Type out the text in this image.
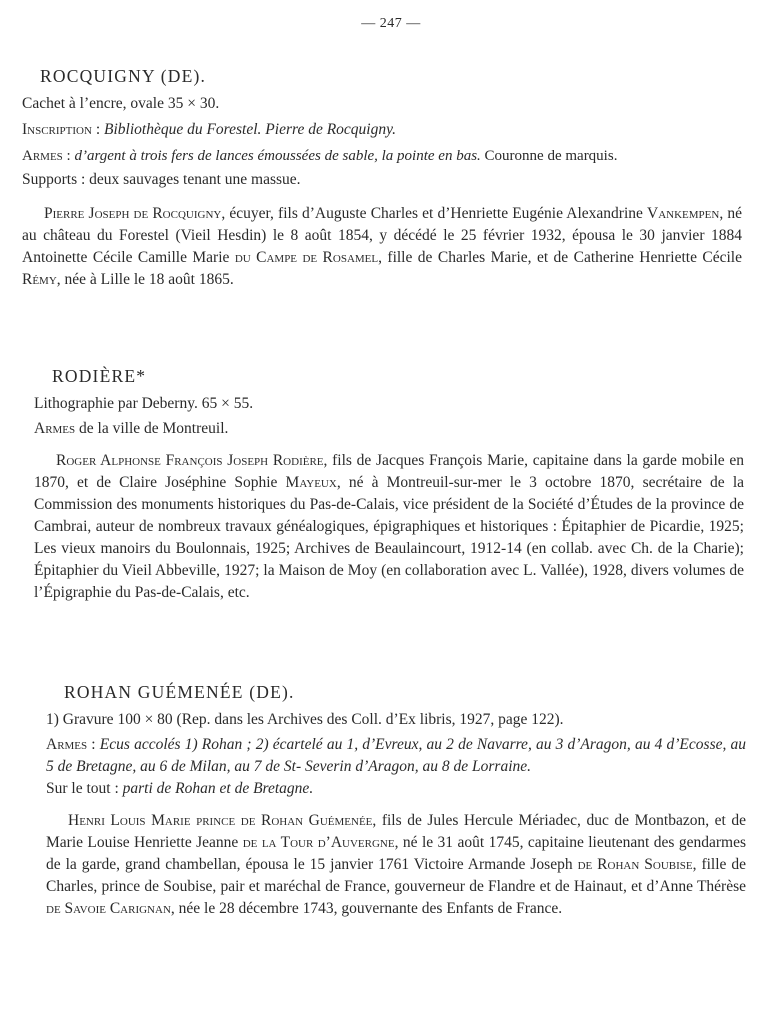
— 247 —
ROCQUIGNY (DE).

Cachet à l’encre, ovale 35 × 30.

Inscription : Bibliothèque du Forestel. Pierre de Rocquigny.

Armes : d’argent à trois fers de lances émoussées de sable, la pointe en bas. Couronne de marquis.

Supports : deux sauvages tenant une massue.

Pierre Joseph de Rocquigny, écuyer, fils d’Auguste Charles et d’Henriette Eugénie Alexandrine Vankempen, né au château du Forestel (Vieil Hesdin) le 8 août 1854, y décédé le 25 février 1932, épousa le 30 janvier 1884 Antoinette Cécile Camille Marie du Campe de Rosamel, fille de Charles Marie, et de Catherine Henriette Cécile Rémy, née à Lille le 18 août 1865.

RODIÈRE*

Lithographie par Deberny. 65 × 55.

Armes de la ville de Montreuil.

Roger Alphonse François Joseph Rodière, fils de Jacques François Marie, capitaine dans la garde mobile en 1870, et de Claire Joséphine Sophie Mayeux, né à Montreuil-sur-mer le 3 octobre 1870, secrétaire de la Commission des monuments historiques du Pas-de-Calais, vice président de la Société d’Études de la province de Cambrai, auteur de nombreux travaux généalogiques, épigraphiques et historiques : Épitaphier de Picardie, 1925; Les vieux manoirs du Boulonnais, 1925; Archives de Beaulaincourt, 1912-14 (en collab. avec Ch. de la Charie); Épitaphier du Vieil Abbeville, 1927; la Maison de Moy (en collaboration avec L. Vallée), 1928, divers volumes de l’Épigraphie du Pas-de-Calais, etc.

ROHAN GUÉMENÉE (DE).

1) Gravure 100 × 80 (Rep. dans les Archives des Coll. d’Ex libris, 1927, page 122).

Armes : Ecus accolés 1) Rohan ; 2) écartelé au 1, d’Evreux, au 2 de Navarre, au 3 d’Aragon, au 4 d’Ecosse, au 5 de Bretagne, au 6 de Milan, au 7 de St- Severin d’Aragon, au 8 de Lorraine.

Sur le tout : parti de Rohan et de Bretagne.

Henri Louis Marie prince de Rohan Guémenée, fils de Jules Hercule Mériadec, duc de Montbazon, et de Marie Louise Henriette Jeanne de la Tour d’Auvergne, né le 31 août 1745, capitaine lieutenant des gendarmes de la garde, grand chambellan, épousa le 15 janvier 1761 Victoire Armande Joseph de Rohan Soubise, fille de Charles, prince de Soubise, pair et maréchal de France, gouverneur de Flandre et de Hainaut, et d’Anne Thérèse de Savoie Carignan, née le 28 décembre 1743, gouvernante des Enfants de France.
